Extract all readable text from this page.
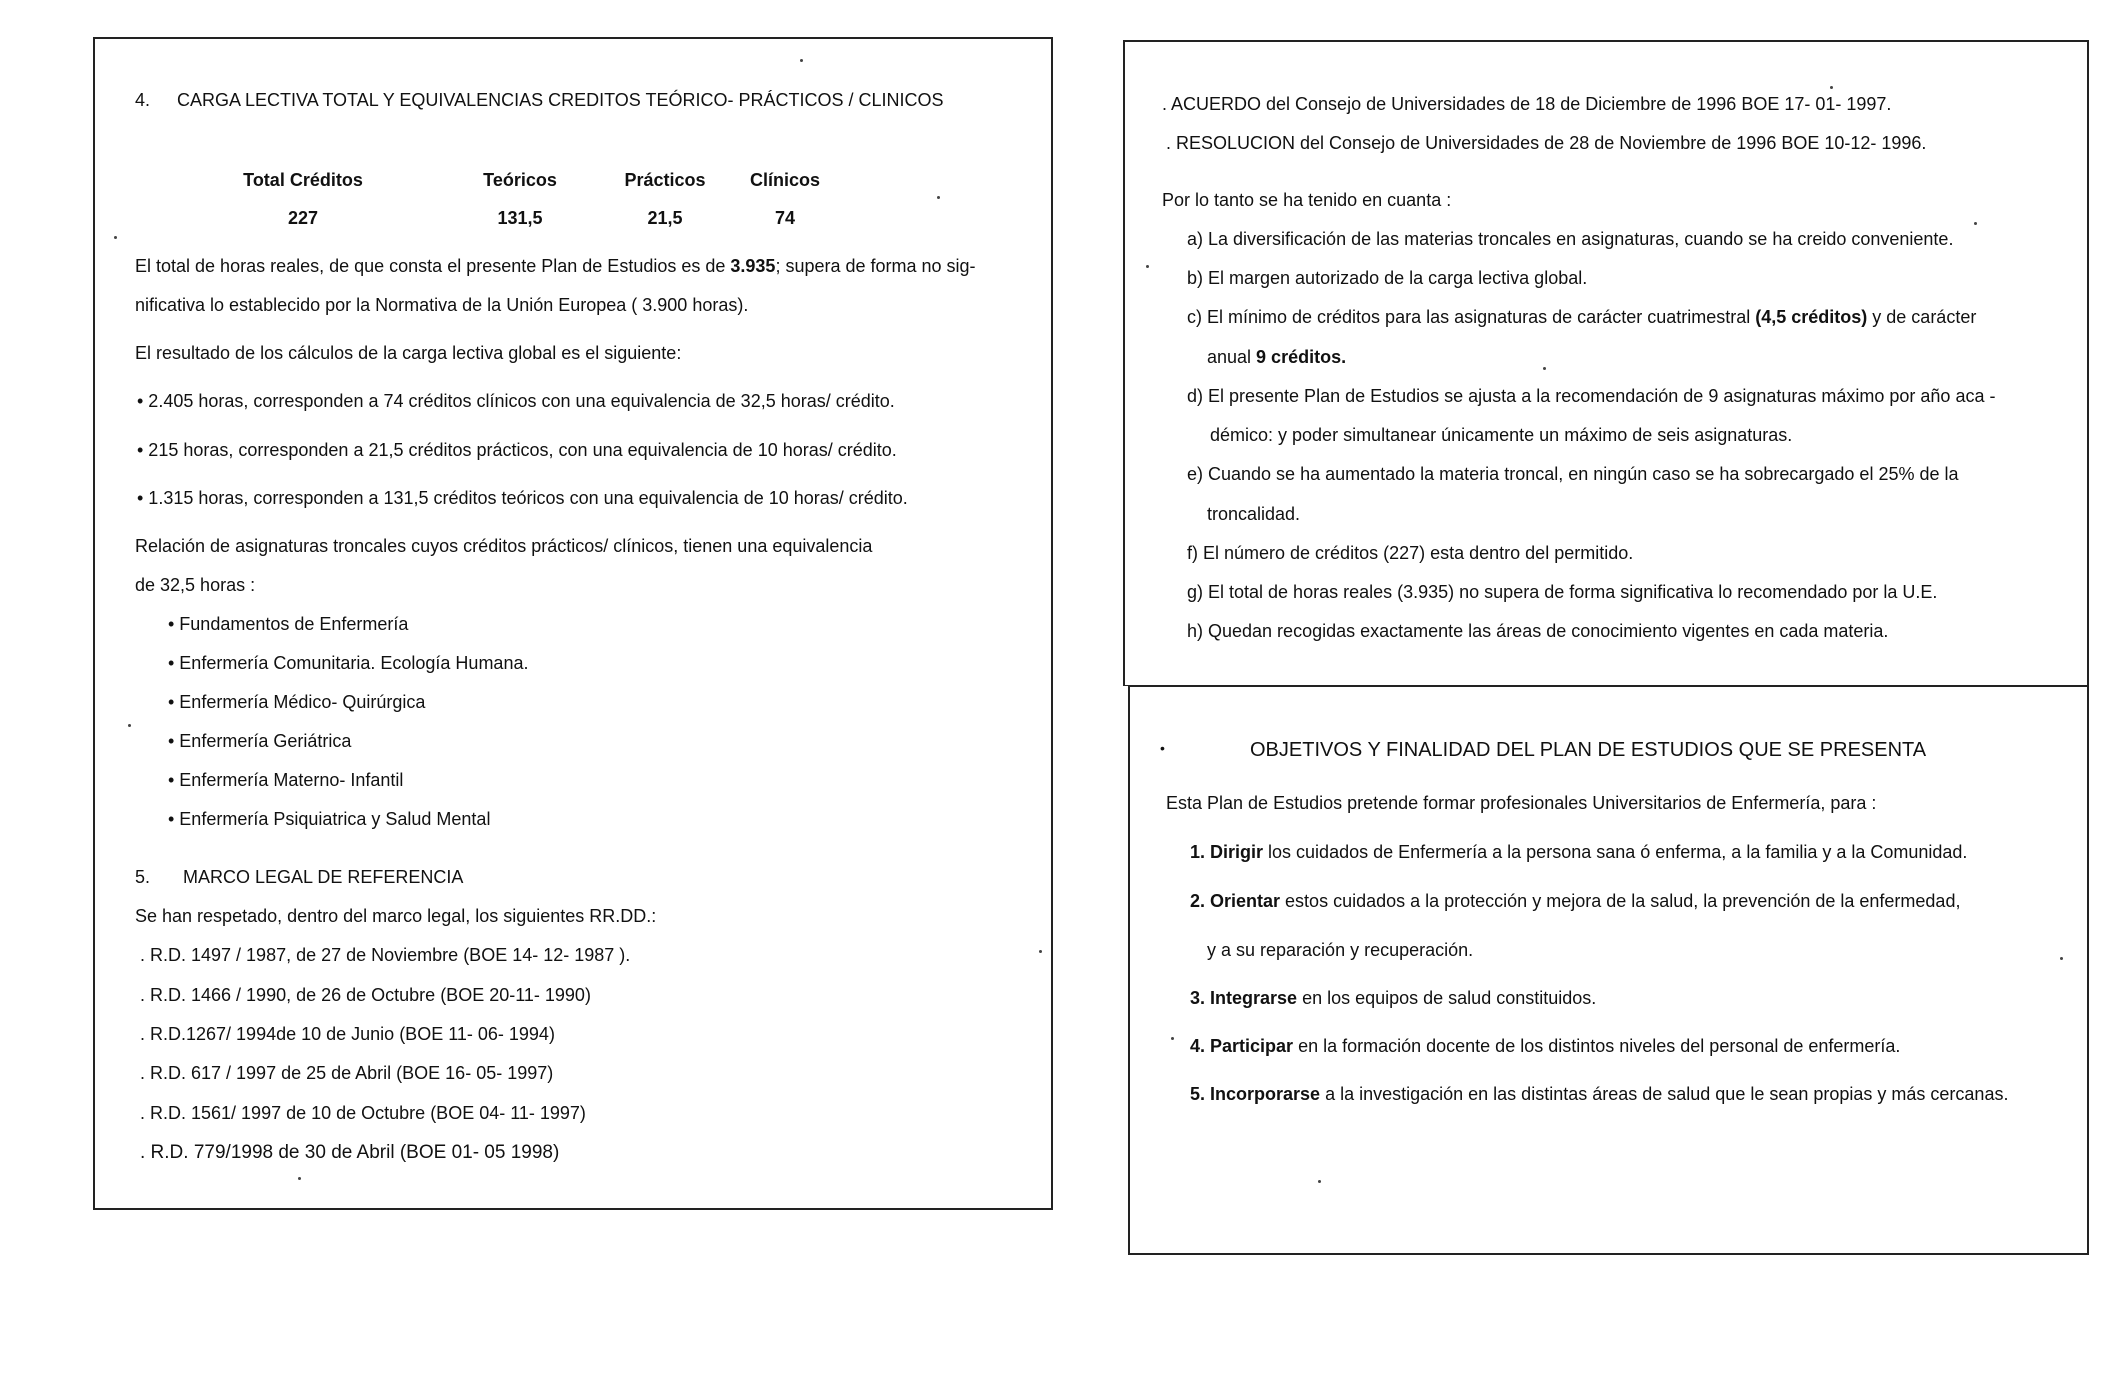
4. CARGA LECTIVA TOTAL Y EQUIVALENCIAS CREDITOS TEÓRICO- PRÁCTICOS / CLINICOS
Total Créditos	Teóricos	Prácticos	Clínicos
227	131,5	21,5	74
El total de horas reales, de que consta el presente Plan de Estudios es de 3.935; supera de forma no sig-
nificativa lo establecido por la Normativa de la Unión Europea ( 3.900 horas).
El resultado de los cálculos de la carga lectiva global es el siguiente:
• 2.405 horas, corresponden a 74 créditos clínicos con una equivalencia de 32,5 horas/ crédito.
• 215 horas, corresponden a 21,5 créditos prácticos, con una equivalencia de 10 horas/ crédito.
• 1.315 horas, corresponden a 131,5 créditos teóricos con una equivalencia de 10 horas/ crédito.
Relación de asignaturas troncales cuyos créditos prácticos/ clínicos, tienen una equivalencia
de 32,5 horas :
• Fundamentos de Enfermería
• Enfermería Comunitaria. Ecología Humana.
• Enfermería Médico- Quirúrgica
• Enfermería Geriátrica
• Enfermería Materno- Infantil
• Enfermería Psiquiatrica y Salud Mental
5. MARCO LEGAL DE REFERENCIA
Se han respetado, dentro del marco legal, los siguientes RR.DD.:
. R.D. 1497 / 1987, de 27 de Noviembre (BOE 14- 12- 1987 ).
. R.D. 1466 / 1990, de 26 de Octubre (BOE 20-11- 1990)
. R.D.1267/ 1994de 10 de Junio (BOE 11- 06- 1994)
. R.D. 617 / 1997 de 25 de Abril (BOE 16- 05- 1997)
. R.D. 1561/ 1997 de 10 de Octubre (BOE 04- 11- 1997)
. R.D. 779/1998 de 30 de Abril (BOE 01- 05 1998)
. ACUERDO del Consejo de Universidades de 18 de Diciembre de 1996 BOE 17- 01- 1997.
. RESOLUCION del Consejo de Universidades de 28 de Noviembre de 1996 BOE 10-12- 1996.
Por lo tanto se ha tenido en cuanta :
a) La diversificación de las materias troncales en asignaturas, cuando se ha creido conveniente.
b) El margen autorizado de la carga lectiva global.
c) El mínimo de créditos para las asignaturas de carácter cuatrimestral (4,5 créditos) y de carácter
anual 9 créditos.
d) El presente Plan de Estudios se ajusta a la recomendación de 9 asignaturas máximo por año aca -
démico: y poder simultanear únicamente un máximo de seis asignaturas.
e) Cuando se ha aumentado la materia troncal, en ningún caso se ha sobrecargado el 25% de la
troncalidad.
f) El número de créditos (227) esta dentro del permitido.
g) El total de horas reales (3.935) no supera de forma significativa lo recomendado por la U.E.
h) Quedan recogidas exactamente las áreas de conocimiento vigentes en cada materia.
•	OBJETIVOS Y FINALIDAD DEL PLAN DE ESTUDIOS QUE SE PRESENTA
Esta Plan de Estudios pretende formar profesionales Universitarios de Enfermería, para :
1. Dirigir los cuidados de Enfermería a la persona sana ó enferma, a la familia y a la Comunidad.
2. Orientar estos cuidados a la protección y mejora de la salud, la prevención de la enfermedad,
y a su reparación y recuperación.
3. Integrarse en los equipos de salud constituidos.
4. Participar en la formación docente de los distintos niveles del personal de enfermería.
5. Incorporarse a la investigación en las distintas áreas de salud que le sean propias y más cercanas.
